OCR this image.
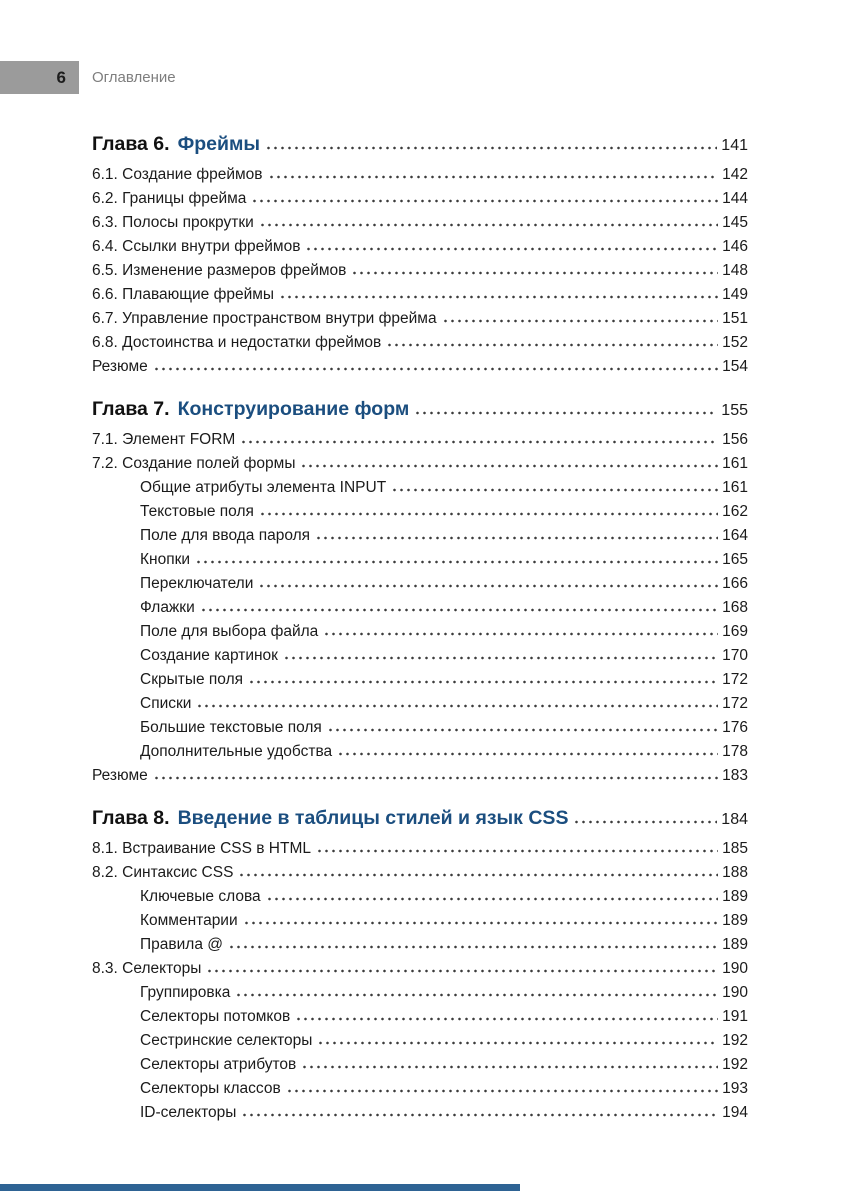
6 Оглавление
Глава 6. Фреймы	141
6.1. Создание фреймов	142
6.2. Границы фрейма	144
6.3. Полосы прокрутки	145
6.4. Ссылки внутри фреймов	146
6.5. Изменение размеров фреймов	148
6.6. Плавающие фреймы	149
6.7. Управление пространством внутри фрейма	151
6.8. Достоинства и недостатки фреймов	152
Резюме	154
Глава 7. Конструирование форм	155
7.1. Элемент FORM	156
7.2. Создание полей формы	161
Общие атрибуты элемента INPUT	161
Текстовые поля	162
Поле для ввода пароля	164
Кнопки	165
Переключатели	166
Флажки	168
Поле для выбора файла	169
Создание картинок	170
Скрытые поля	172
Списки	172
Большие текстовые поля	176
Дополнительные удобства	178
Резюме	183
Глава 8. Введение в таблицы стилей и язык CSS	184
8.1. Встраивание CSS в HTML	185
8.2. Синтаксис CSS	188
Ключевые слова	189
Комментарии	189
Правила @	189
8.3. Селекторы	190
Группировка	190
Селекторы потомков	191
Сестринские селекторы	192
Селекторы атрибутов	192
Селекторы классов	193
ID-селекторы	194
